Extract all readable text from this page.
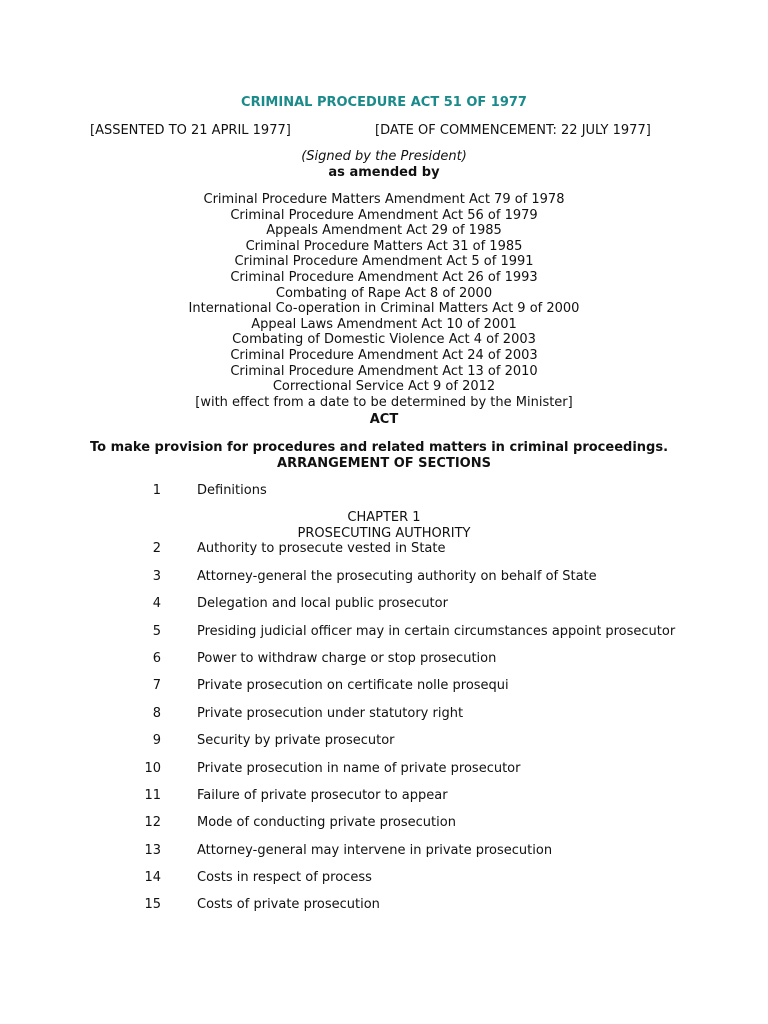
CRIMINAL PROCEDURE ACT 51 OF 1977
[ASSENTED TO 21 APRIL 1977]	[DATE OF COMMENCEMENT: 22 JULY 1977]
(Signed by the President)
as amended by
Criminal Procedure Matters Amendment Act 79 of 1978
Criminal Procedure Amendment Act 56 of 1979
Appeals Amendment Act 29 of 1985
Criminal Procedure Matters Act 31 of 1985
Criminal Procedure Amendment Act 5 of 1991
Criminal Procedure Amendment Act 26 of 1993
Combating of Rape Act 8 of 2000
International Co-operation in Criminal Matters Act 9 of 2000
Appeal Laws Amendment Act 10 of 2001
Combating of Domestic Violence Act 4 of 2003
Criminal Procedure Amendment Act 24 of 2003
Criminal Procedure Amendment Act 13 of 2010
Correctional Service Act 9 of 2012
[with effect from a date to be determined by the Minister]
ACT
To make provision for procedures and related matters in criminal proceedings.
ARRANGEMENT OF SECTIONS
1	Definitions
CHAPTER 1
PROSECUTING AUTHORITY
2	Authority to prosecute vested in State
3	Attorney-general the prosecuting authority on behalf of State
4	Delegation and local public prosecutor
5	Presiding judicial officer may in certain circumstances appoint prosecutor
6	Power to withdraw charge or stop prosecution
7	Private prosecution on certificate nolle prosequi
8	Private prosecution under statutory right
9	Security by private prosecutor
10	Private prosecution in name of private prosecutor
11	Failure of private prosecutor to appear
12	Mode of conducting private prosecution
13	Attorney-general may intervene in private prosecution
14	Costs in respect of process
15	Costs of private prosecution
